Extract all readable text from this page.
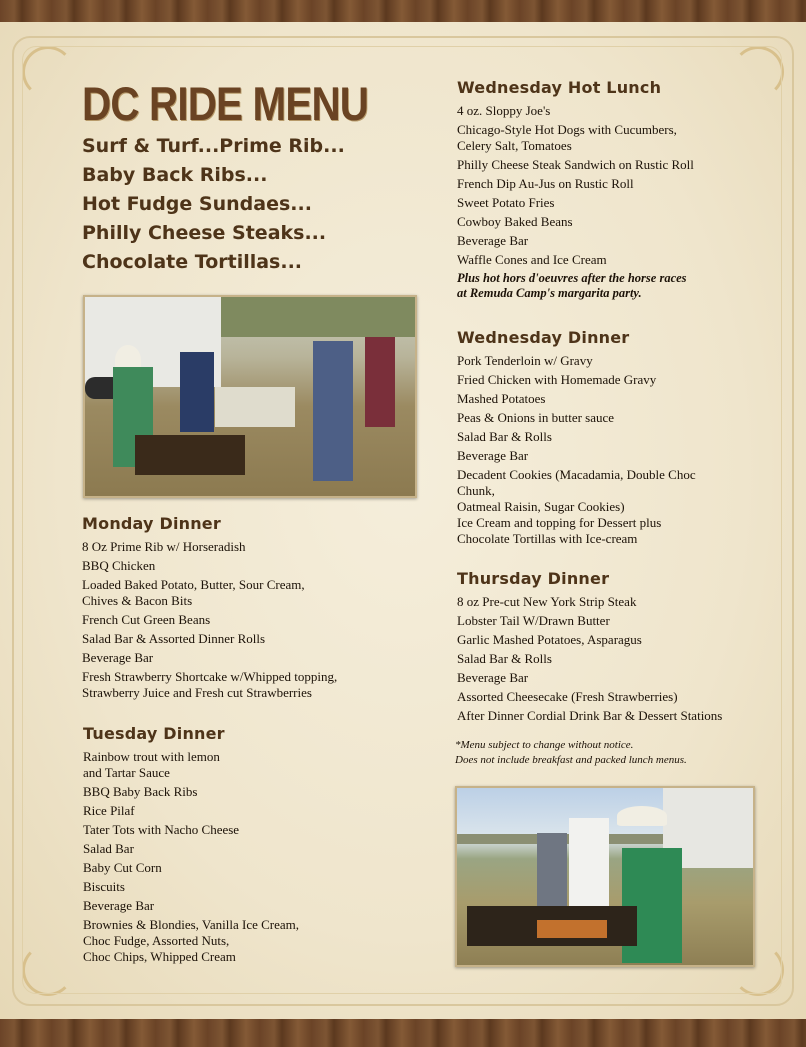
DC RIDE MENU
Surf & Turf...Prime Rib...
Baby Back Ribs...
Hot Fudge Sundaes...
Philly Cheese Steaks...
Chocolate Tortillas...
Monday Dinner
8 Oz Prime Rib w/ Horseradish
BBQ Chicken
Loaded Baked Potato, Butter, Sour Cream,
Chives & Bacon Bits
French Cut Green Beans
Salad Bar & Assorted Dinner Rolls
Beverage Bar
Fresh Strawberry Shortcake w/Whipped topping,
Strawberry Juice and Fresh cut Strawberries
Tuesday Dinner
Rainbow trout with lemon
and Tartar Sauce
BBQ Baby Back Ribs
Rice Pilaf
Tater Tots with Nacho Cheese
Salad Bar
Baby Cut Corn
Biscuits
Beverage Bar
Brownies & Blondies, Vanilla Ice Cream,
Choc Fudge, Assorted Nuts,
Choc Chips, Whipped Cream
Wednesday Hot Lunch
4 oz. Sloppy Joe's
Chicago-Style Hot Dogs with Cucumbers,
Celery Salt, Tomatoes
Philly Cheese Steak Sandwich on Rustic Roll
French Dip Au-Jus on Rustic Roll
Sweet Potato Fries
Cowboy Baked Beans
Beverage Bar
Waffle Cones and Ice Cream
Plus hot hors d'oeuvres after the horse races
at Remuda Camp's margarita party.
Wednesday Dinner
Pork Tenderloin w/ Gravy
Fried Chicken with Homemade Gravy
Mashed Potatoes
Peas & Onions in butter sauce
Salad Bar & Rolls
Beverage Bar
Decadent Cookies (Macadamia, Double Choc
Chunk,
Oatmeal Raisin, Sugar Cookies)
Ice Cream and topping for Dessert plus
Chocolate Tortillas with Ice-cream
Thursday Dinner
8 oz Pre-cut New York Strip Steak
Lobster Tail W/Drawn Butter
Garlic Mashed Potatoes, Asparagus
Salad Bar & Rolls
Beverage Bar
Assorted Cheesecake (Fresh Strawberries)
After Dinner Cordial Drink Bar & Dessert Stations

*Menu subject to change without notice.
Does not include breakfast and packed lunch menus.
